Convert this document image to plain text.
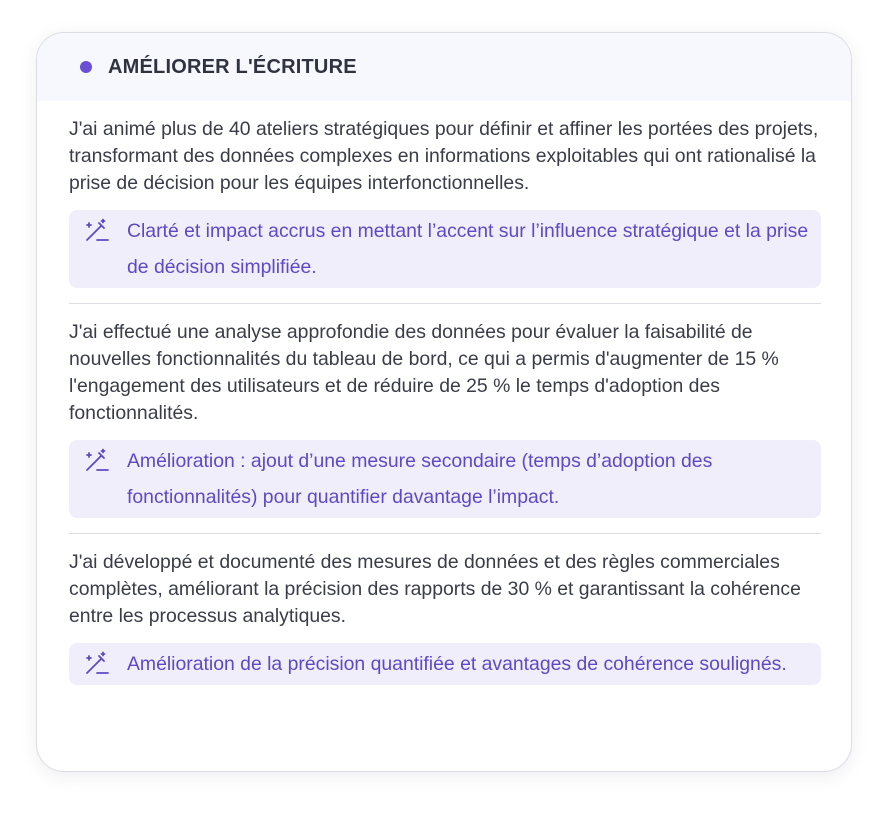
AMÉLIORER L'ÉCRITURE

J'ai animé plus de 40 ateliers stratégiques pour définir et affiner les portées des projets, transformant des données complexes en informations exploitables qui ont rationalisé la prise de décision pour les équipes interfonctionnelles.

Clarté et impact accrus en mettant l’accent sur l’influence stratégique et la prise de décision simplifiée.

J'ai effectué une analyse approfondie des données pour évaluer la faisabilité de nouvelles fonctionnalités du tableau de bord, ce qui a permis d'augmenter de 15 % l'engagement des utilisateurs et de réduire de 25 % le temps d'adoption des fonctionnalités.

Amélioration : ajout d’une mesure secondaire (temps d’adoption des fonctionnalités) pour quantifier davantage l’impact.

J'ai développé et documenté des mesures de données et des règles commerciales complètes, améliorant la précision des rapports de 30 % et garantissant la cohérence entre les processus analytiques.

Amélioration de la précision quantifiée et avantages de cohérence soulignés.
